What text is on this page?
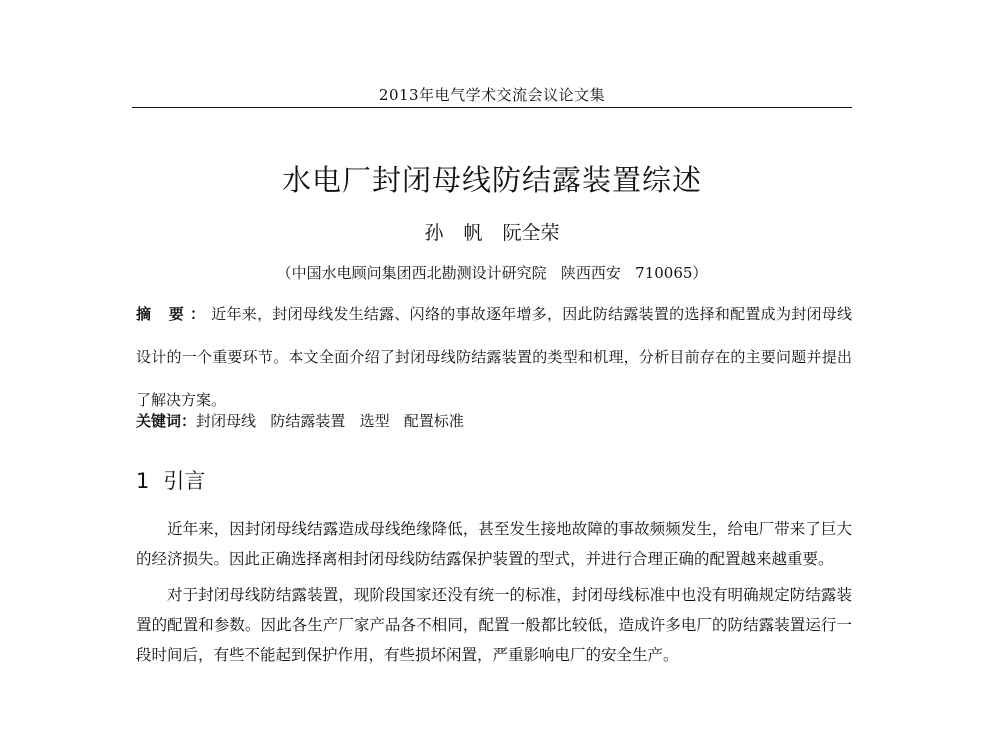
2013年电气学术交流会议论文集
水电厂封闭母线防结露装置综述
孙 帆 阮全荣
（中国水电顾问集团西北勘测设计研究院   陕西西安   710065）
摘 要：近年来，封闭母线发生结露、闪络的事故逐年增多，因此防结露装置的选择和配置成为封闭母线设计的一个重要环节。本文全面介绍了封闭母线防结露装置的类型和机理，分析目前存在的主要问题并提出了解决方案。
关键词：封闭母线   防结露装置   选型   配置标准
1 引言

近年来，因封闭母线结露造成母线绝缘降低，甚至发生接地故障的事故频频发生，给电厂带来了巨大的经济损失。因此正确选择离相封闭母线防结露保护装置的型式，并进行合理正确的配置越来越重要。

对于封闭母线防结露装置，现阶段国家还没有统一的标准，封闭母线标准中也没有明确规定防结露装置的配置和参数。因此各生产厂家产品各不相同，配置一般都比较低，造成许多电厂的防结露装置运行一段时间后，有些不能起到保护作用，有些损坏闲置，严重影响电厂的安全生产。
